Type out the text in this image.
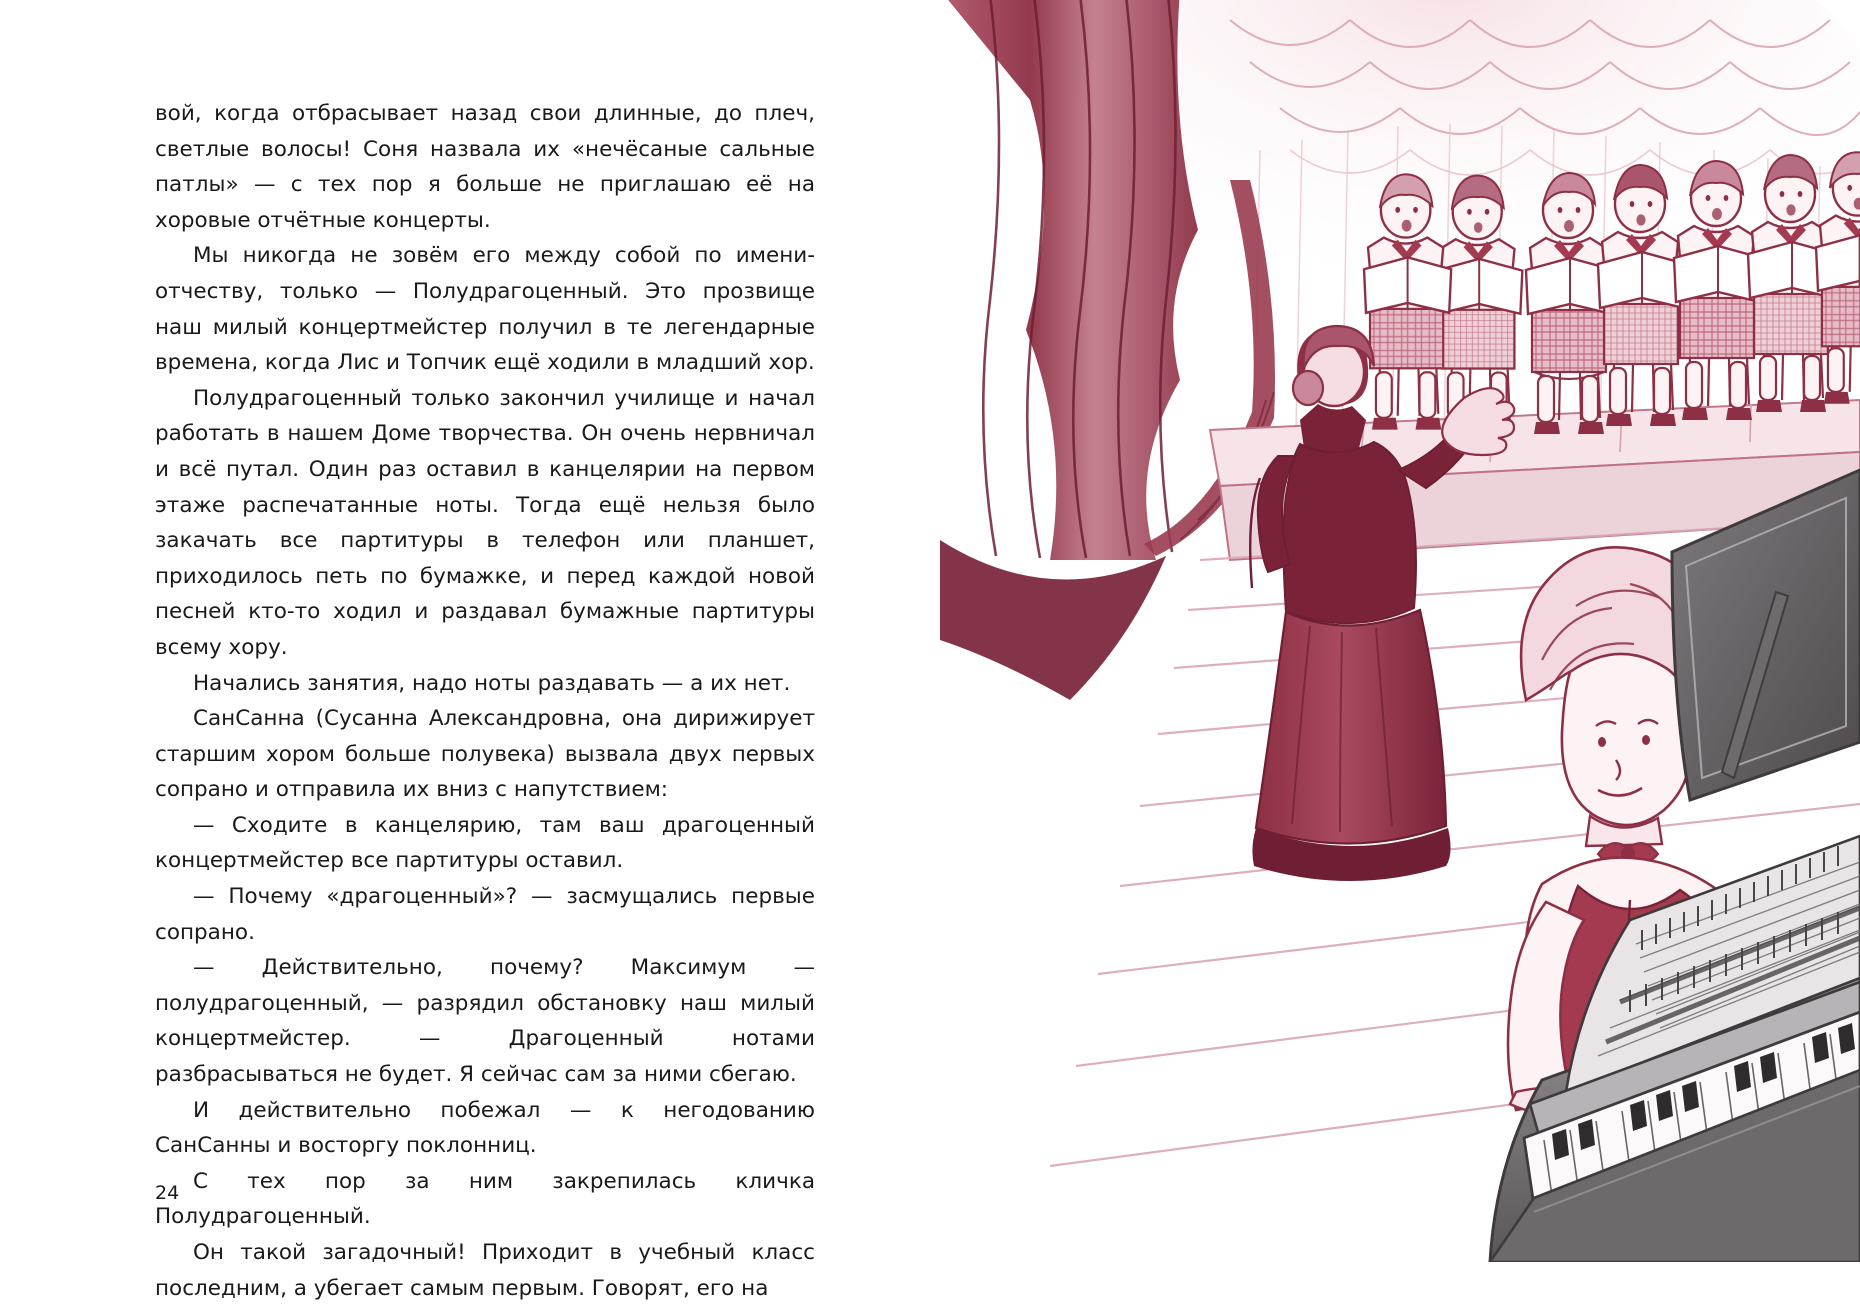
вой, когда отбрасывает назад свои длинные, до плеч, светлые волосы! Соня назвала их «нечёсаные сальные патлы» — с тех пор я больше не приглашаю её на хоровые отчётные концерты.

Мы никогда не зовём его между собой по имени-отчеству, только — Полудрагоценный. Это прозвище наш милый концертмейстер получил в те легендарные времена, когда Лис и Топчик ещё ходили в младший хор.

Полудрагоценный только закончил училище и начал работать в нашем Доме творчества. Он очень нервничал и всё путал. Один раз оставил в канцелярии на первом этаже распечатанные ноты. Тогда ещё нельзя было закачать все партитуры в телефон или планшет, приходилось петь по бумажке, и перед каждой новой песней кто-то ходил и раздавал бумажные партитуры всему хору.

Начались занятия, надо ноты раздавать — а их нет.

СанСанна (Сусанна Александровна, она дирижирует старшим хором больше полувека) вызвала двух первых сопрано и отправила их вниз с напутствием:

— Сходите в канцелярию, там ваш драгоценный концертмейстер все партитуры оставил.

— Почему «драгоценный»? — засмущались первые сопрано.

— Действительно, почему? Максимум — полудрагоценный, — разрядил обстановку наш милый концертмейстер. — Драгоценный нотами разбрасываться не будет. Я сейчас сам за ними сбегаю.

И действительно побежал — к негодованию СанСанны и восторгу поклонниц.

С тех пор за ним закрепилась кличка Полудрагоценный.

Он такой загадочный! Приходит в учебный класс последним, а убегает самым первым. Говорят, его на

24
